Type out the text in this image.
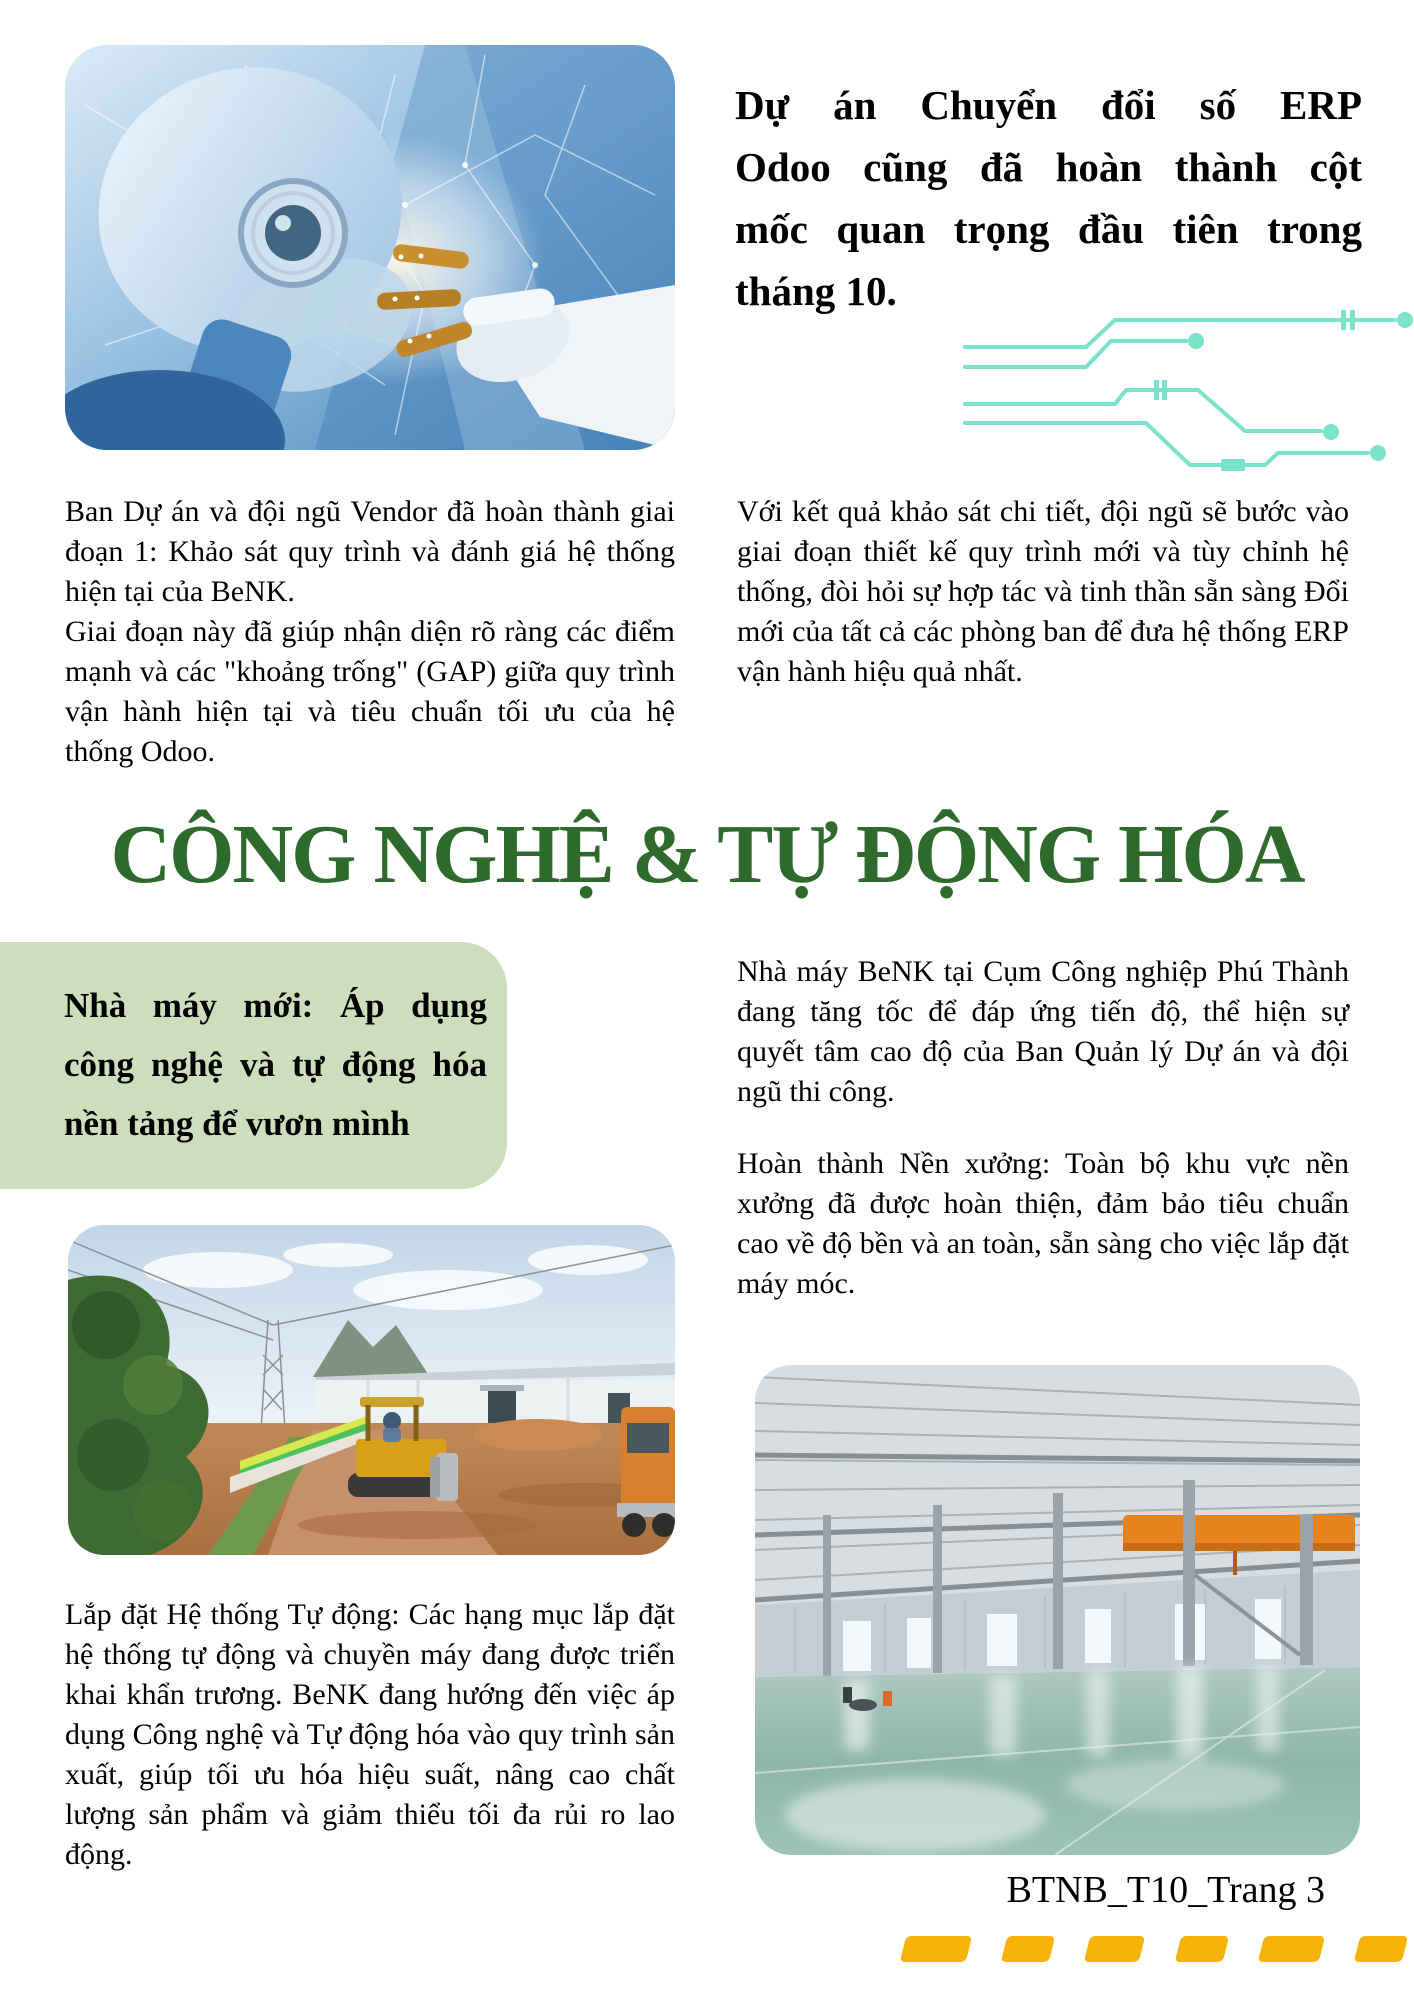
Dự án Chuyển đổi số ERP
Odoo cũng đã hoàn thành cột
mốc quan trọng đầu tiên trong
tháng 10.

Ban Dự án và đội ngũ Vendor đã hoàn thành giai đoạn 1: Khảo sát quy trình và đánh giá hệ thống hiện tại của BeNK.

Giai đoạn này đã giúp nhận diện rõ ràng các điểm mạnh và các "khoảng trống" (GAP) giữa quy trình vận hành hiện tại và tiêu chuẩn tối ưu của hệ thống Odoo.

Với kết quả khảo sát chi tiết, đội ngũ sẽ bước vào giai đoạn thiết kế quy trình mới và tùy chỉnh hệ thống, đòi hỏi sự hợp tác và tinh thần sẵn sàng Đổi mới của tất cả các phòng ban để đưa hệ thống ERP vận hành hiệu quả nhất.

CÔNG NGHỆ & TỰ ĐỘNG HÓA
Nhà máy mới: Áp dụng
công nghệ và tự động hóa
nền tảng để vươn mình

Nhà máy BeNK tại Cụm Công nghiệp Phú Thành đang tăng tốc để đáp ứng tiến độ, thể hiện sự quyết tâm cao độ của Ban Quản lý Dự án và đội ngũ thi công.

Hoàn thành Nền xưởng: Toàn bộ khu vực nền xưởng đã được hoàn thiện, đảm bảo tiêu chuẩn cao về độ bền và an toàn, sẵn sàng cho việc lắp đặt máy móc.

Lắp đặt Hệ thống Tự động: Các hạng mục lắp đặt hệ thống tự động và chuyền máy đang được triển khai khẩn trương. BeNK đang hướng đến việc áp dụng Công nghệ và Tự động hóa vào quy trình sản xuất, giúp tối ưu hóa hiệu suất, nâng cao chất lượng sản phẩm và giảm thiểu tối đa rủi ro lao động.

BTNB_T10_Trang 3
